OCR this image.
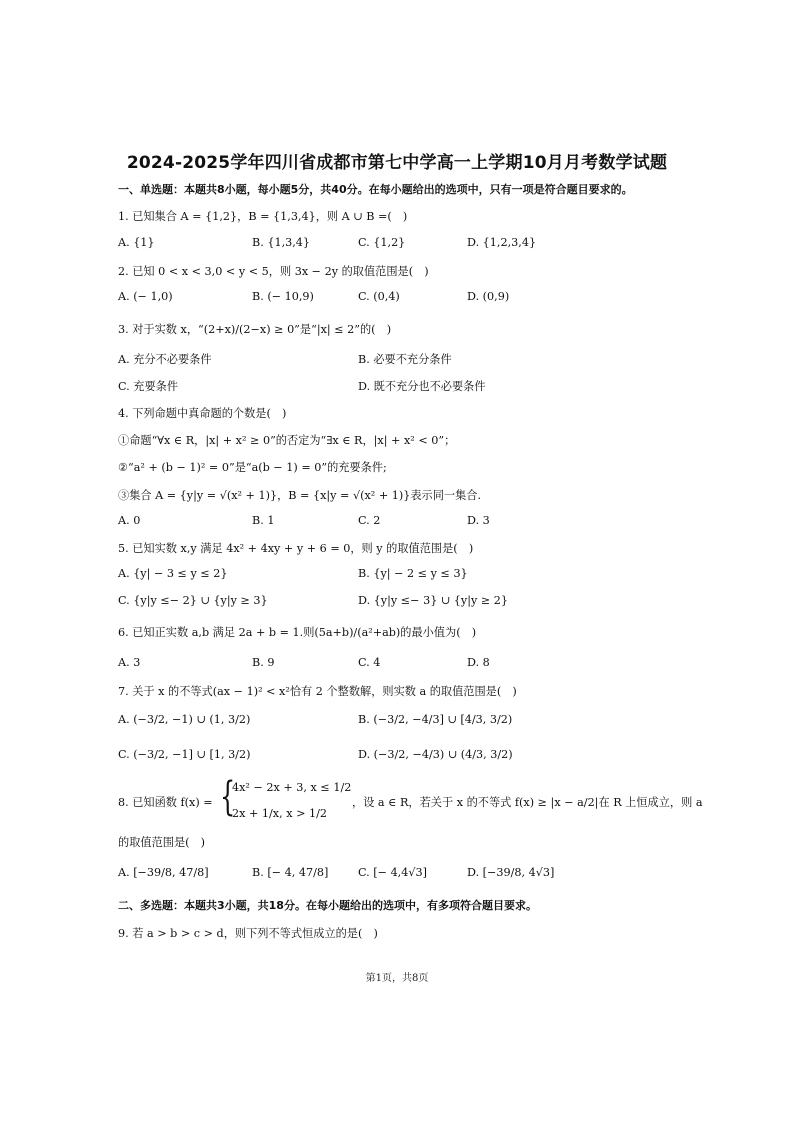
2024-2025学年四川省成都市第七中学高一上学期10月月考数学试题
一、单选题：本题共8小题，每小题5分，共40分。在每小题给出的选项中，只有一项是符合题目要求的。
1. 已知集合 A = {1,2}，B = {1,3,4}，则 A ∪ B =(　)
A. {1}	B. {1,3,4}	C. {1,2}	D. {1,2,3,4}
2. 已知 0 < x < 3,0 < y < 5，则 3x − 2y 的取值范围是(　)
A. (− 1,0)	B. (− 10,9)	C. (0,4)	D. (0,9)
3. 对于实数 x，“(2+x)/(2−x) ≥ 0”是“|x| ≤ 2”的(　)
A. 充分不必要条件	B. 必要不充分条件
C. 充要条件	D. 既不充分也不必要条件
4. 下列命题中真命题的个数是(　)
①命题“∀x ∈ R，|x| + x² ≥ 0”的否定为“∃x ∈ R，|x| + x² < 0”；
②“a² + (b − 1)² = 0”是“a(b − 1) = 0”的充要条件;
③集合 A = {y|y = √(x² + 1)}，B = {x|y = √(x² + 1)}表示同一集合.
A. 0	B. 1	C. 2	D. 3
5. 已知实数 x,y 满足 4x² + 4xy + y + 6 = 0，则 y 的取值范围是(　)
A. {y| − 3 ≤ y ≤ 2}	B. {y| − 2 ≤ y ≤ 3}
C. {y|y ≤− 2} ∪ {y|y ≥ 3}	D. {y|y ≤− 3} ∪ {y|y ≥ 2}
6. 已知正实数 a,b 满足 2a + b = 1.则(5a+b)/(a²+ab)的最小值为(　)
A. 3	B. 9	C. 4	D. 8
7. 关于 x 的不等式(ax − 1)² < x²恰有 2 个整数解，则实数 a 的取值范围是(　)
A. (−3/2, −1) ∪ (1, 3/2)	B. (−3/2, −4/3] ∪ [4/3, 3/2)
C. (−3/2, −1] ∪ [1, 3/2)	D. (−3/2, −4/3) ∪ (4/3, 3/2)
8. 已知函数 f(x) = {
4x² − 2x + 3, x ≤ 1/2
2x + 1/x, x > 1/2
，设 a ∈ R，若关于 x 的不等式 f(x) ≥ |x − a/2|在 R 上恒成立，则 a
的取值范围是(　)
A. [−39/8, 47/8]	B. [− 4, 47/8]	C. [− 4,4√3]	D. [−39/8, 4√3]
二、多选题：本题共3小题，共18分。在每小题给出的选项中，有多项符合题目要求。
9. 若 a > b > c > d，则下列不等式恒成立的是(　)
第1页，共8页
